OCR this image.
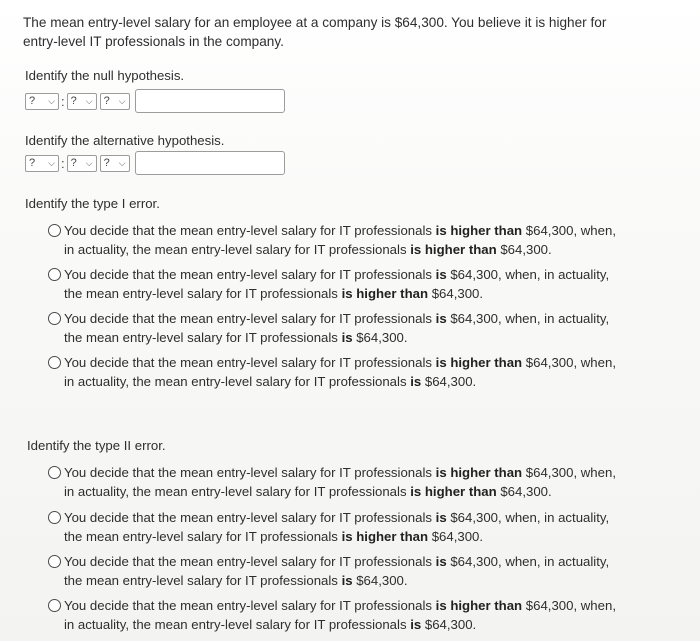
The mean entry-level salary for an employee at a company is $64,300. You believe it is higher for
entry-level IT professionals in the company.
Identify the null hypothesis.
? ⌵ : ? ⌵ ? ⌵
Identify the alternative hypothesis.
? ⌵ : ? ⌵ ? ⌵
Identify the type I error.
You decide that the mean entry-level salary for IT professionals is higher than $64,300, when, in actuality, the mean entry-level salary for IT professionals is higher than $64,300.
You decide that the mean entry-level salary for IT professionals is $64,300, when, in actuality, the mean entry-level salary for IT professionals is higher than $64,300.
You decide that the mean entry-level salary for IT professionals is $64,300, when, in actuality, the mean entry-level salary for IT professionals is $64,300.
You decide that the mean entry-level salary for IT professionals is higher than $64,300, when, in actuality, the mean entry-level salary for IT professionals is $64,300.
Identify the type II error.
You decide that the mean entry-level salary for IT professionals is higher than $64,300, when, in actuality, the mean entry-level salary for IT professionals is higher than $64,300.
You decide that the mean entry-level salary for IT professionals is $64,300, when, in actuality, the mean entry-level salary for IT professionals is higher than $64,300.
You decide that the mean entry-level salary for IT professionals is $64,300, when, in actuality, the mean entry-level salary for IT professionals is $64,300.
You decide that the mean entry-level salary for IT professionals is higher than $64,300, when, in actuality, the mean entry-level salary for IT professionals is $64,300.
